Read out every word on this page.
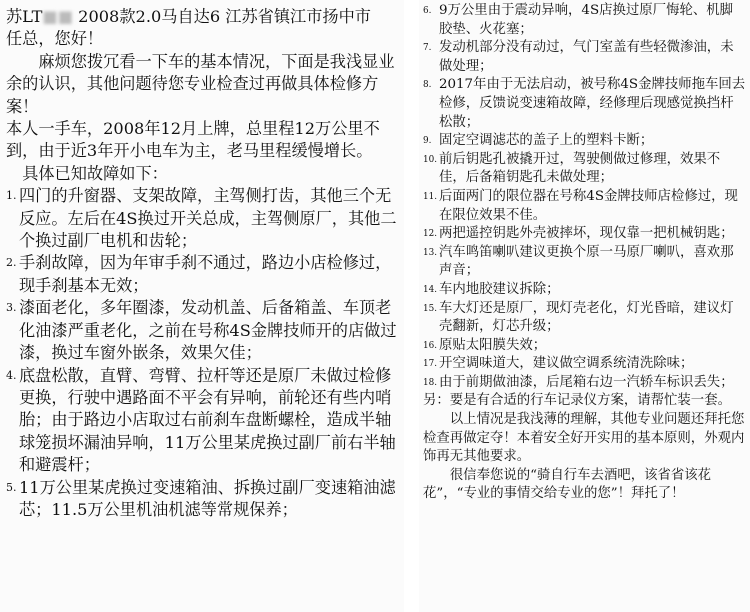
苏LT■■ 2008款2.0马自达6 江苏省镇江市扬中市

任总，您好！

麻烦您拨冗看一下车的基本情况，下面是我浅显业余的认识，其他问题待您专业检查过再做具体检修方案！

本人一手车，2008年12月上牌，总里程12万公里不到，由于近3年开小电车为主，老马里程缓慢增长。

具体已知故障如下：

1. 四门的升窗器、支架故障，主驾侧打齿，其他三个无反应。左后在4S换过开关总成，主驾侧原厂，其他二个换过副厂电机和齿轮；

2. 手刹故障，因为年审手刹不通过，路边小店检修过，现手刹基本无效；

3. 漆面老化，多年圈漆，发动机盖、后备箱盖、车顶老化油漆严重老化，之前在号称4S金牌技师开的店做过漆，换过车窗外嵌条，效果欠佳；

4. 底盘松散，直臂、弯臂、拉杆等还是原厂未做过检修更换，行驶中遇路面不平会有异响，前轮还有些内哨胎；由于路边小店取过右前刹车盘断螺栓，造成半轴球笼损坏漏油异响，11万公里某虎换过副厂前右半轴和避震杆；

5. 11万公里某虎换过变速箱油、拆换过副厂变速箱油滤芯；11.5万公里机油机滤等常规保养；

6. 9万公里由于震动异响，4S店换过原厂悔轮、机脚胶垫、火花塞；

7. 发动机部分没有动过，气门室盖有些轻微渗油，未做处理；

8. 2017年由于无法启动，被号称4S金牌技师拖车回去检修，反馈说变速箱故障，经修理后现感觉换挡杆松散；

9. 固定空调滤芯的盖子上的塑料卡断；

10. 前后钥匙孔被撬开过，驾驶侧做过修理，效果不佳，后备箱钥匙孔未做处理；

11. 后面两门的限位器在号称4S金牌技师店检修过，现在限位效果不佳。

12. 两把遥控钥匙外壳被摔坏，现仅靠一把机械钥匙；

13. 汽车鸣笛喇叭建议更换个原一马原厂喇叭，喜欢那声音；

14. 车内地胶建议拆除；

15. 车大灯还是原厂，现灯壳老化，灯光昏暗，建议灯壳翻新，灯芯升级；

16. 原贴太阳膜失效；

17. 开空调味道大，建议做空调系统清洗除味；

18. 由于前期做油漆，后尾箱右边一汽轿车标识丢失；

另：要是有合适的行车记录仪方案，请帮忙装一套。

以上情况是我浅薄的理解，其他专业问题还拜托您检查再做定夺！本着安全好开实用的基本原则，外观内饰再无其他要求。

很信奉您说的“骑自行车去酒吧，该省省该花花”，“专业的事情交给专业的您”！拜托了！
